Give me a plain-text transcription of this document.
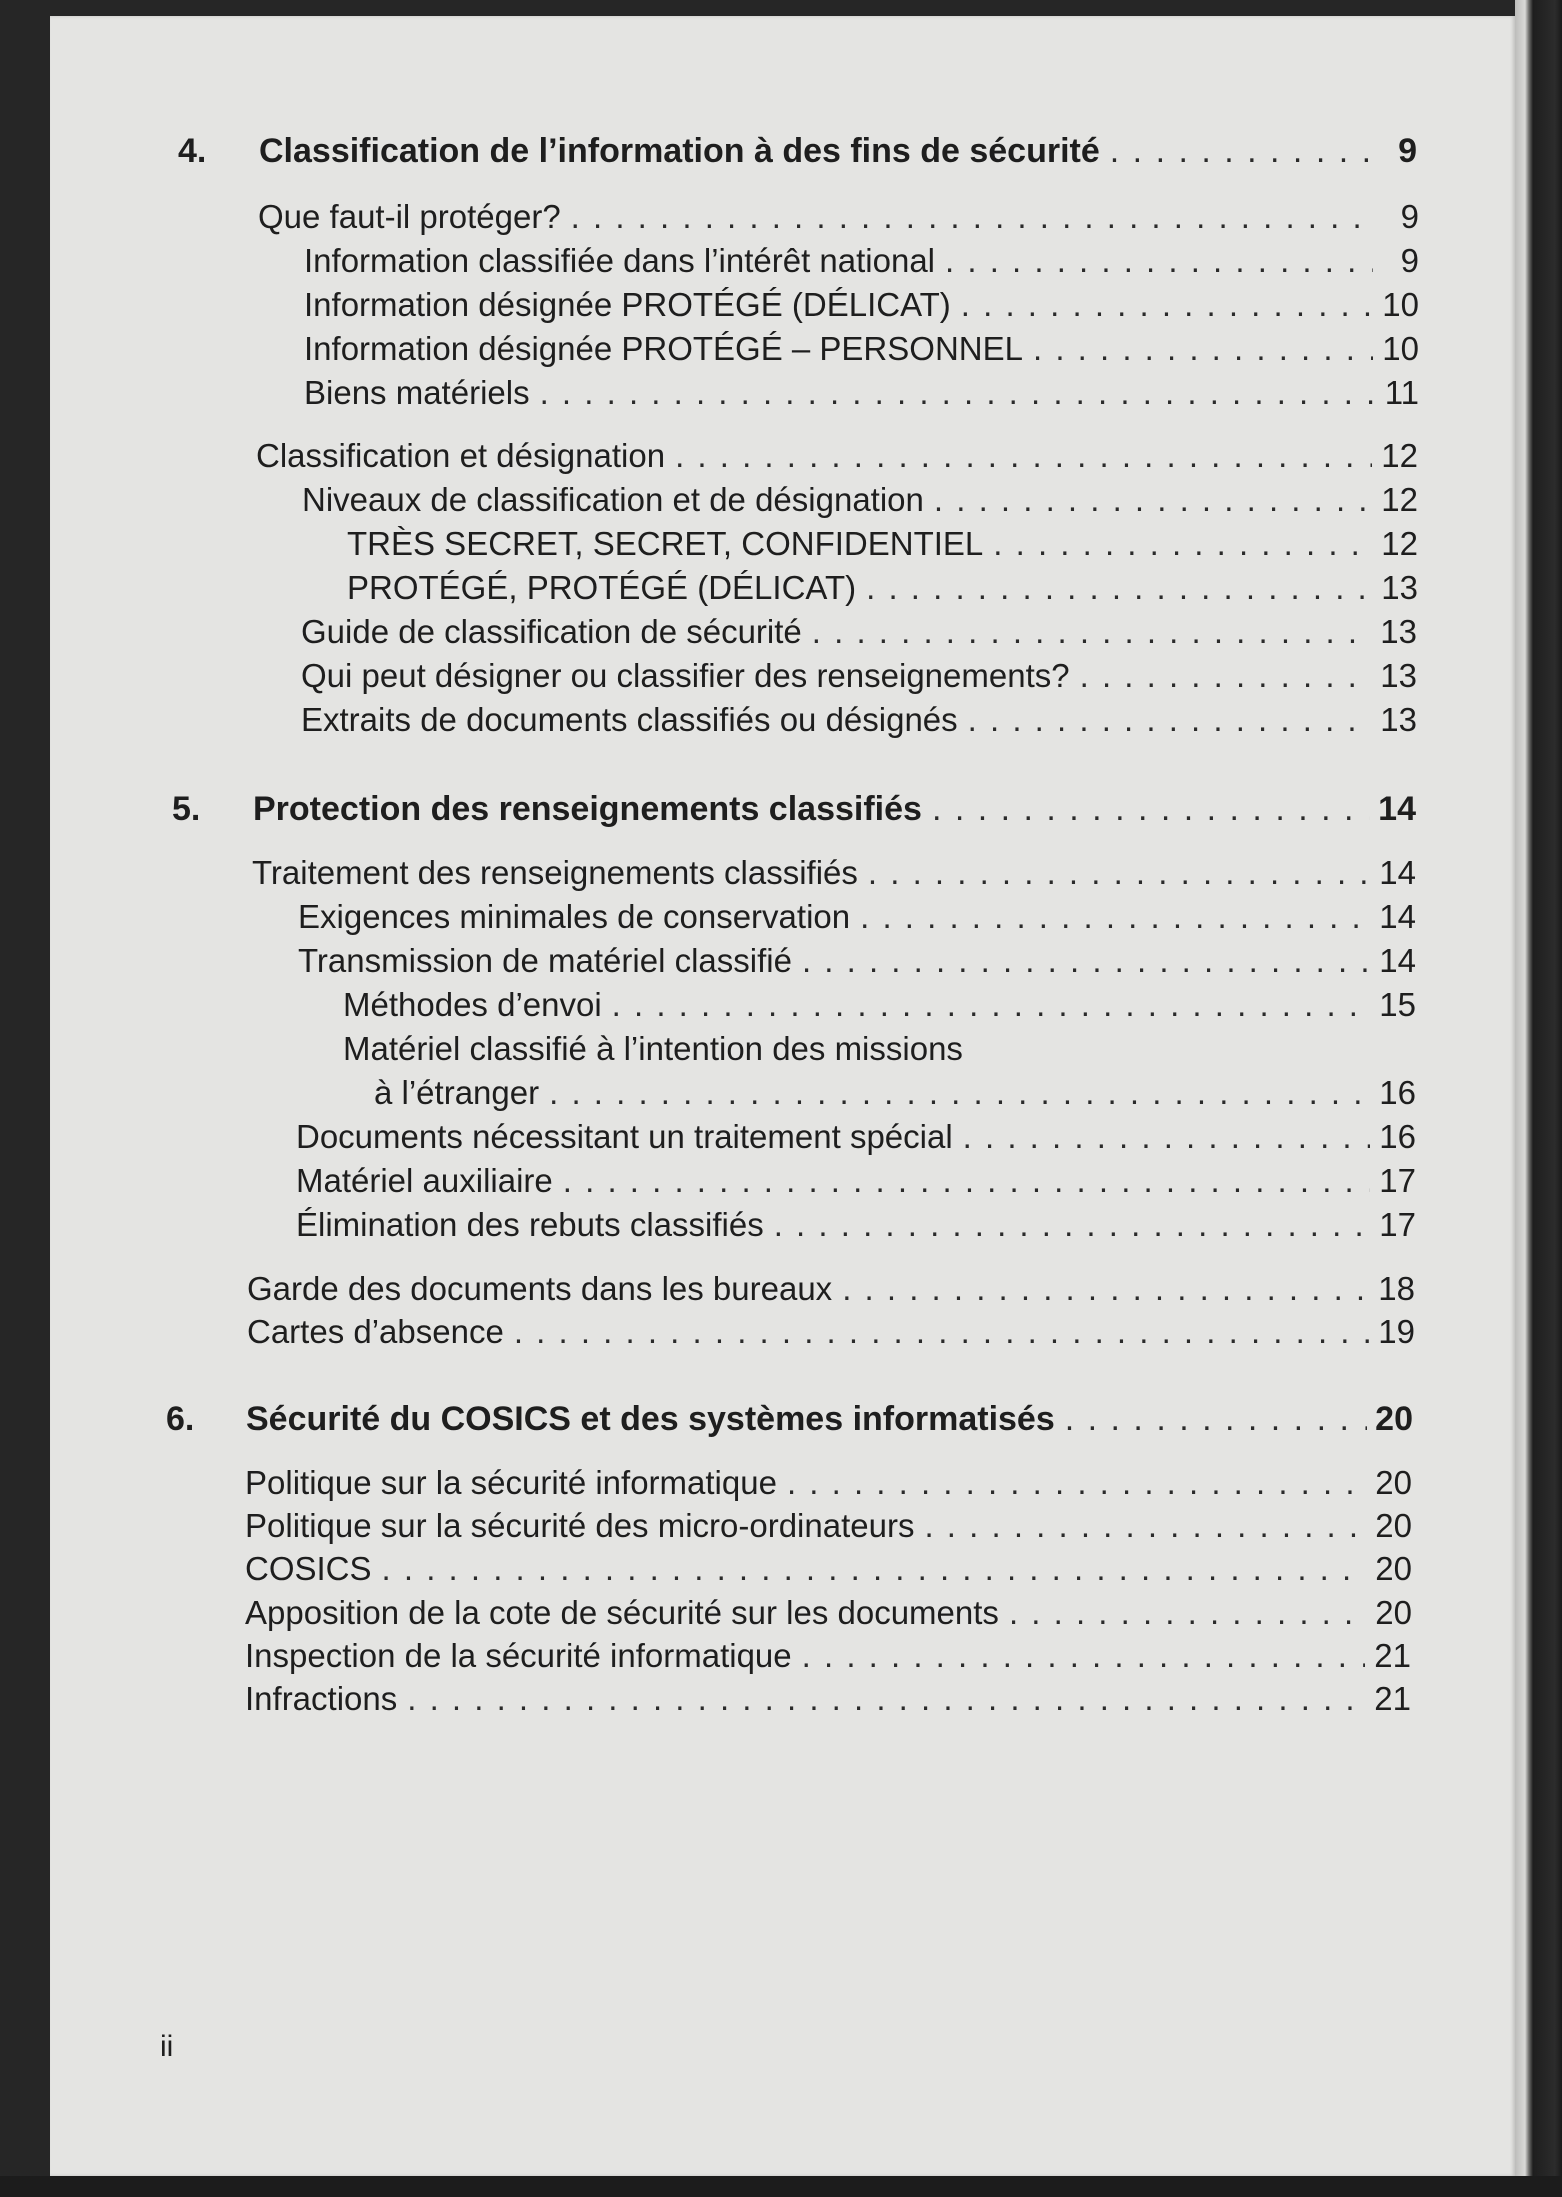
4. Classification de l’information à des fins de sécurité . . .	9
Que faut-il protéger? . . .	9
Information classifiée dans l’intérêt national . . .	9
Information désignée PROTÉGÉ (DÉLICAT) . . .	10
Information désignée PROTÉGÉ – PERSONNEL . . .	10
Biens matériels . . .	11
Classification et désignation . . .	12
Niveaux de classification et de désignation . . .	12
TRÈS SECRET, SECRET, CONFIDENTIEL . . .	12
PROTÉGÉ, PROTÉGÉ (DÉLICAT) . . .	13
Guide de classification de sécurité . . .	13
Qui peut désigner ou classifier des renseignements? . . .	13
Extraits de documents classifiés ou désignés . . .	13
5. Protection des renseignements classifiés . . .	14
Traitement des renseignements classifiés . . .	14
Exigences minimales de conservation . . .	14
Transmission de matériel classifié . . .	14
Méthodes d’envoi . . .	15
Matériel classifié à l’intention des missions
à l’étranger . . .	16
Documents nécessitant un traitement spécial . . .	16
Matériel auxiliaire . . .	17
Élimination des rebuts classifiés . . .	17
Garde des documents dans les bureaux . . .	18
Cartes d’absence . . .	19
6. Sécurité du COSICS et des systèmes informatisés . . .	20
Politique sur la sécurité informatique . . .	20
Politique sur la sécurité des micro-ordinateurs . . .	20
COSICS . . .	20
Apposition de la cote de sécurité sur les documents . . .	20
Inspection de la sécurité informatique . . .	21
Infractions . . .	21
ii
